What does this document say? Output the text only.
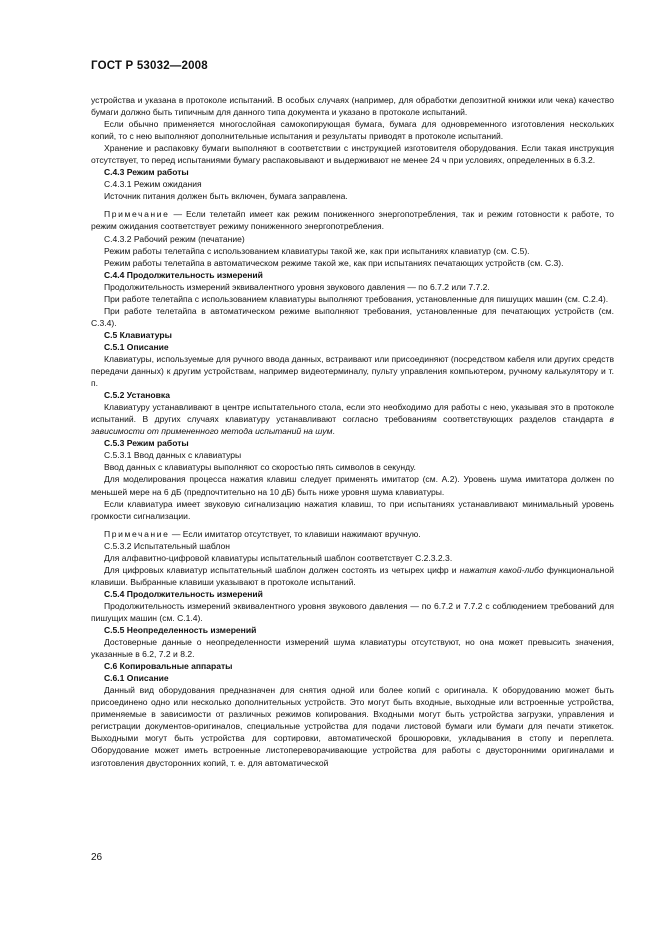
ГОСТ Р 53032—2008

устройства и указана в протоколе испытаний. В особых случаях (например, для обработки депозитной книжки или чека) качество бумаги должно быть типичным для данного типа документа и указано в протоколе испытаний.

Если обычно применяется многослойная самокопирующая бумага, бумага для одновременного изготовления нескольких копий, то с нею выполняют дополнительные испытания и результаты приводят в протоколе испытаний.

Хранение и распаковку бумаги выполняют в соответствии с инструкцией изготовителя оборудования. Если такая инструкция отсутствует, то перед испытаниями бумагу распаковывают и выдерживают не менее 24 ч при условиях, определенных в 6.3.2.

С.4.3 Режим работы

С.4.3.1 Режим ожидания

Источник питания должен быть включен, бумага заправлена.

Примечание — Если телетайп имеет как режим пониженного энергопотребления, так и режим готовности к работе, то режим ожидания соответствует режиму пониженного энергопотребления.

С.4.3.2 Рабочий режим (печатание)

Режим работы телетайпа с использованием клавиатуры такой же, как при испытаниях клавиатур (см. С.5).

Режим работы телетайпа в автоматическом режиме такой же, как при испытаниях печатающих устройств (см. С.3).

С.4.4 Продолжительность измерений

Продолжительность измерений эквивалентного уровня звукового давления — по 6.7.2 или 7.7.2.

При работе телетайпа с использованием клавиатуры выполняют требования, установленные для пишущих машин (см. С.2.4).

При работе телетайпа в автоматическом режиме выполняют требования, установленные для печатающих устройств (см. С.3.4).

С.5 Клавиатуры

С.5.1 Описание

Клавиатуры, используемые для ручного ввода данных, встраивают или присоединяют (посредством кабеля или других средств передачи данных) к другим устройствам, например видеотерминалу, пульту управления компьютером, ручному калькулятору и т. п.

С.5.2 Установка

Клавиатуру устанавливают в центре испытательного стола, если это необходимо для работы с нею, указывая это в протоколе испытаний. В других случаях клавиатуру устанавливают согласно требованиям соответствующих разделов стандарта в зависимости от примененного метода испытаний на шум.

С.5.3 Режим работы

С.5.3.1 Ввод данных с клавиатуры

Ввод данных с клавиатуры выполняют со скоростью пять символов в секунду.

Для моделирования процесса нажатия клавиш следует применять имитатор (см. А.2). Уровень шума имитатора должен по меньшей мере на 6 дБ (предпочтительно на 10 дБ) быть ниже уровня шума клавиатуры.

Если клавиатура имеет звуковую сигнализацию нажатия клавиш, то при испытаниях устанавливают минимальный уровень громкости сигнализации.

Примечание — Если имитатор отсутствует, то клавиши нажимают вручную.

С.5.3.2 Испытательный шаблон

Для алфавитно-цифровой клавиатуры испытательный шаблон соответствует С.2.3.2.3.

Для цифровых клавиатур испытательный шаблон должен состоять из четырех цифр и нажатия какой-либо функциональной клавиши. Выбранные клавиши указывают в протоколе испытаний.

С.5.4 Продолжительность измерений

Продолжительность измерений эквивалентного уровня звукового давления — по 6.7.2 и 7.7.2 с соблюдением требований для пишущих машин (см. С.1.4).

С.5.5 Неопределенность измерений

Достоверные данные о неопределенности измерений шума клавиатуры отсутствуют, но она может превысить значения, указанные в 6.2, 7.2 и 8.2.

С.6 Копировальные аппараты

С.6.1 Описание

Данный вид оборудования предназначен для снятия одной или более копий с оригинала. К оборудованию может быть присоединено одно или несколько дополнительных устройств. Это могут быть входные, выходные или встроенные устройства, применяемые в зависимости от различных режимов копирования. Входными могут быть устройства загрузки, управления и регистрации документов-оригиналов, специальные устройства для подачи листовой бумаги или бумаги для печати этикеток. Выходными могут быть устройства для сортировки, автоматической брошюровки, укладывания в стопу и переплета. Оборудование может иметь встроенные листопереворачивающие устройства для работы с двусторонними оригиналами и изготовления двусторонних копий, т. е. для автоматической

26
